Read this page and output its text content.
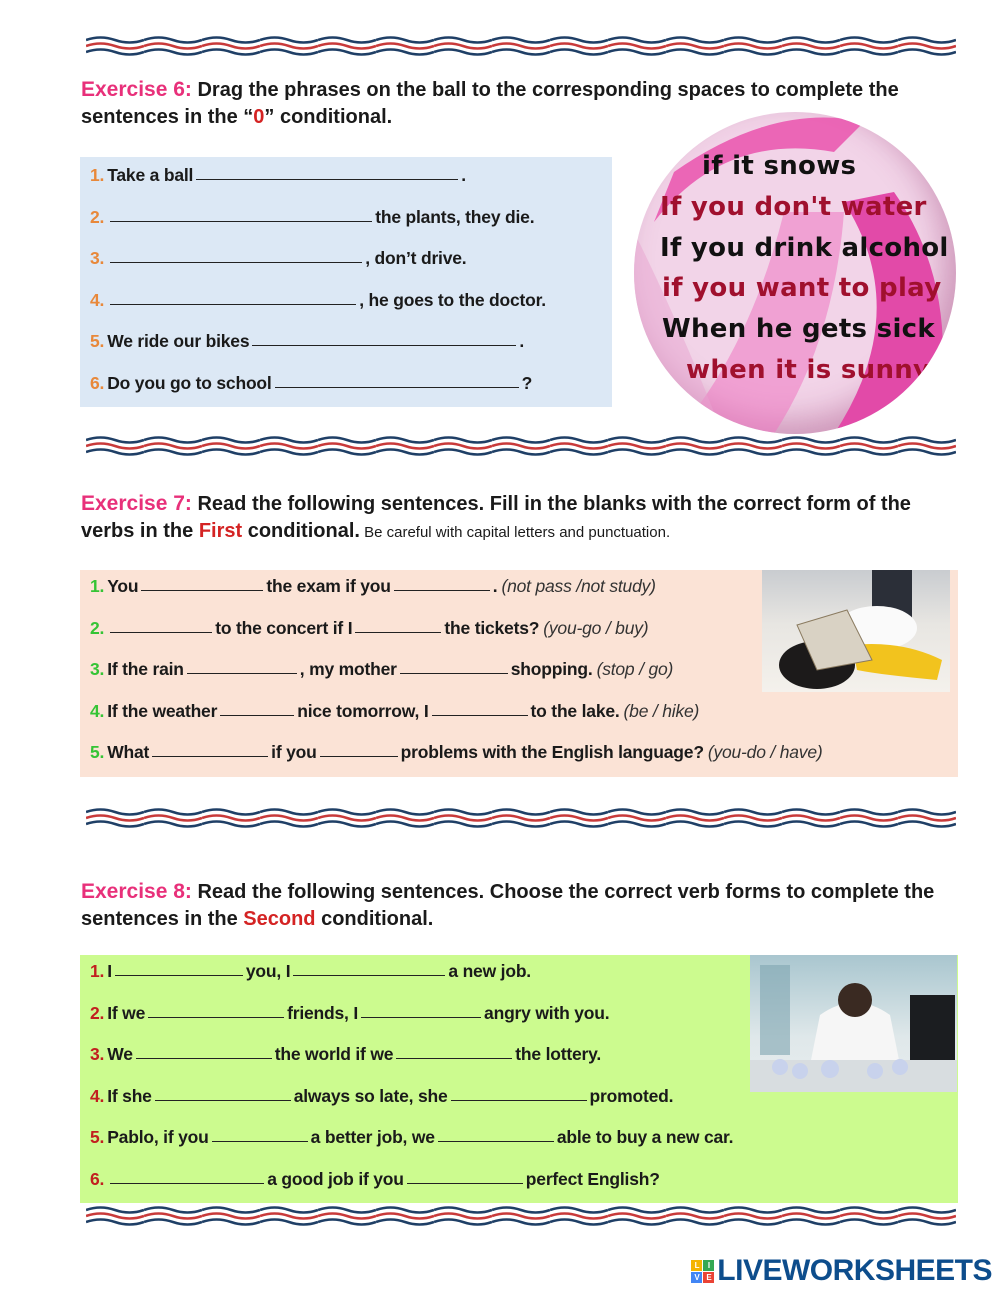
Exercise 6: Drag the phrases on the ball to the corresponding spaces to complete the sentences in the “0” conditional.
1. Take a ball	.
2.	the plants, they die.
3.	, don’t drive.
4.	, he goes to the doctor.
5. We ride our bikes	.
6. Do you go to school	?
if it snows
If you don't water
If you drink alcohol
if you want to play
When he gets sick
when it is sunny
Exercise 7: Read the following sentences. Fill in the blanks with the correct form of the verbs in the First conditional. Be careful with capital letters and punctuation.
1. You	the exam if you	. (not pass /not study)
2.	to the concert if I	the tickets? (you-go / buy)
3. If the rain	, my mother	shopping. (stop / go)
4. If the weather	nice tomorrow, I	to the lake. (be / hike)
5. What	if you	problems with the English language? (you-do / have)
Exercise 8: Read the following sentences. Choose the correct verb forms to complete the sentences in the Second conditional.
1. I	you, I	a new job.
2. If we	friends, I	angry with you.
3. We	the world if we	the lottery.
4. If she	always so late, she	promoted.
5. Pablo, if you	a better job, we	able to buy a new car.
6.	a good job if you	perfect English?
L	I
V E LIVEWORKSHEETS
